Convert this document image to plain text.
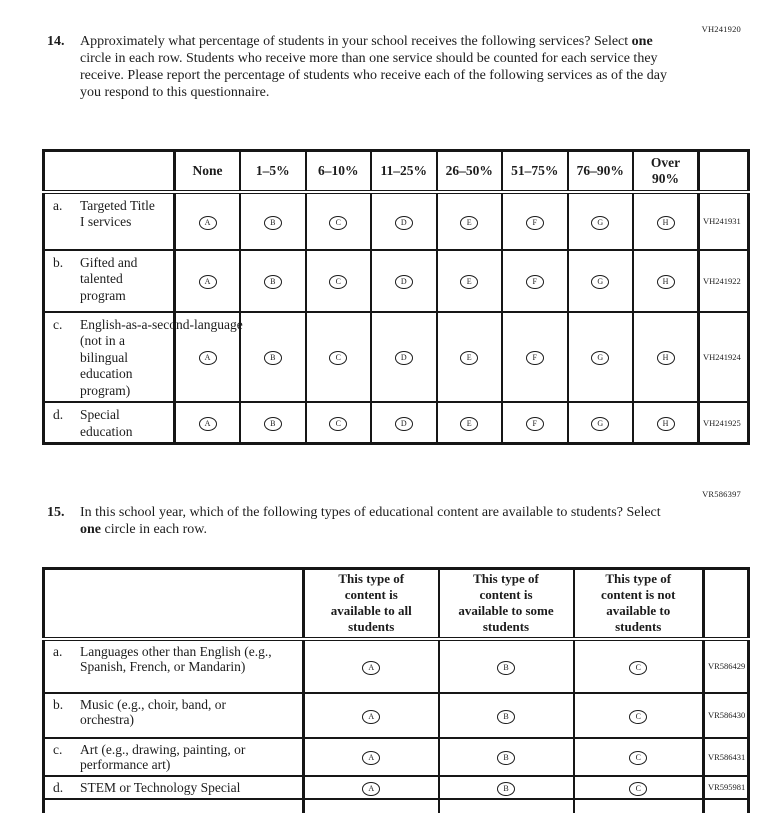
VH241920
14.	Approximately what percentage of students in your school receives the following services? Select one circle in each row. Students who receive more than one service should be counted for each service they receive. Please report the percentage of students who receive each of the following services as of the day you respond to this questionnaire.
	None	1–5%	6–10%	11–25%	26–50%	51–75%	76–90%	Over 90%	
a. Targeted Title I services	A	B	C	D	E	F	G	H	VH241931
b. Gifted and talented program	A	B	C	D	E	F	G	H	VH241922
c. English-as-a-second-language
(not in a bilingual education program)	A	B	C	D	E	F	G	H	VH241924
d. Special education	A	B	C	D	E	F	G	H	VH241925
VR586397
15.	In this school year, which of the following types of educational content are available to students? Select one circle in each row.
	This type of content is available to all students	This type of content is available to some students	This type of content is not available to students	
a. Languages other than English (e.g., Spanish, French, or Mandarin)	A	B	C	VR586429
b. Music (e.g., choir, band, or orchestra)	A	B	C	VR586430
c. Art (e.g., drawing, painting, or performance art)	A	B	C	VR586431
d. STEM or Technology Special	A	B	C	VR595981
